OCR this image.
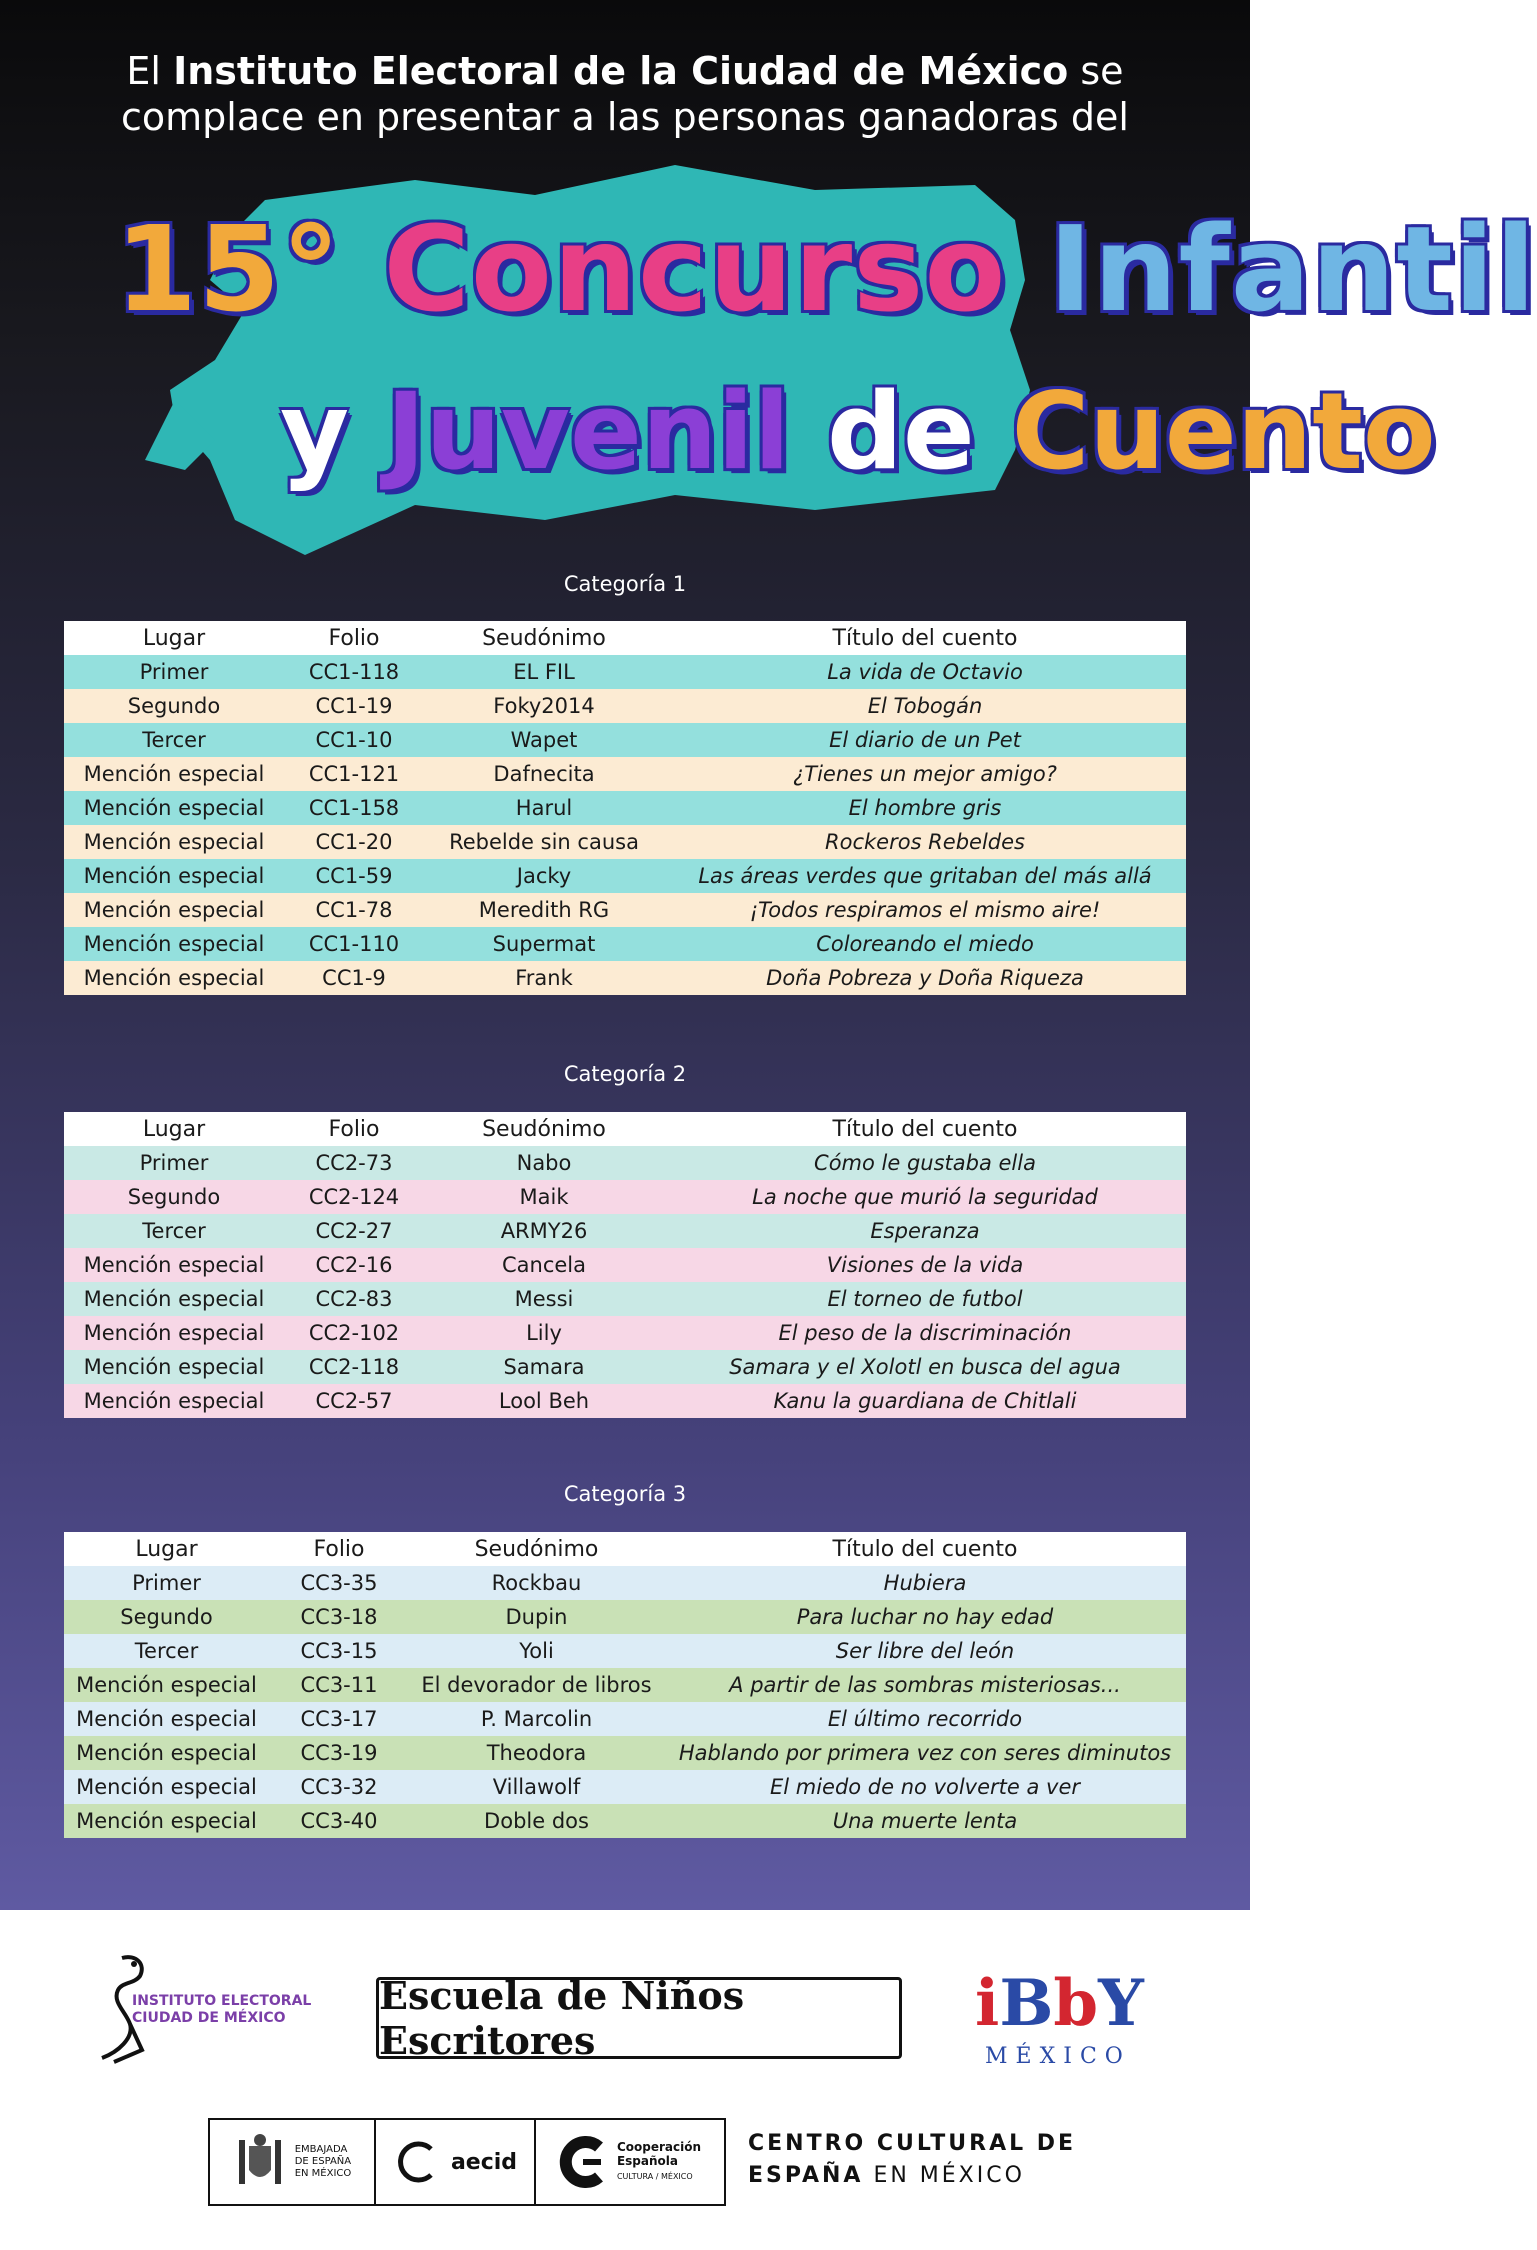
El Instituto Electoral de la Ciudad de México se
complace en presentar a las personas ganadoras del
15° Concurso Infantil
y Juvenil de Cuento
Categoría 1
Lugar	Folio	Seudónimo	Título del cuento
Primer	CC1-118	EL FIL	La vida de Octavio
Segundo	CC1-19	Foky2014	El Tobogán
Tercer	CC1-10	Wapet	El diario de un Pet
Mención especial	CC1-121	Dafnecita	¿Tienes un mejor amigo?
Mención especial	CC1-158	Harul	El hombre gris
Mención especial	CC1-20	Rebelde sin causa	Rockeros Rebeldes
Mención especial	CC1-59	Jacky	Las áreas verdes que gritaban del más allá
Mención especial	CC1-78	Meredith RG	¡Todos respiramos el mismo aire!
Mención especial	CC1-110	Supermat	Coloreando el miedo
Mención especial	CC1-9	Frank	Doña Pobreza y Doña Riqueza
Categoría 2
Lugar	Folio	Seudónimo	Título del cuento
Primer	CC2-73	Nabo	Cómo le gustaba ella
Segundo	CC2-124	Maik	La noche que murió la seguridad
Tercer	CC2-27	ARMY26	Esperanza
Mención especial	CC2-16	Cancela	Visiones de la vida
Mención especial	CC2-83	Messi	El torneo de futbol
Mención especial	CC2-102	Lily	El peso de la discriminación
Mención especial	CC2-118	Samara	Samara y el Xolotl en busca del agua
Mención especial	CC2-57	Lool Beh	Kanu la guardiana de Chitlali
Categoría 3
Lugar	Folio	Seudónimo	Título del cuento
Primer	CC3-35	Rockbau	Hubiera
Segundo	CC3-18	Dupin	Para luchar no hay edad
Tercer	CC3-15	Yoli	Ser libre del león
Mención especial	CC3-11	El devorador de libros	A partir de las sombras misteriosas...
Mención especial	CC3-17	P. Marcolin	El último recorrido
Mención especial	CC3-19	Theodora	Hablando por primera vez con seres diminutos
Mención especial	CC3-32	Villawolf	El miedo de no volverte a ver
Mención especial	CC3-40	Doble dos	Una muerte lenta
INSTITUTO ELECTORAL
CIUDAD DE MÉXICO	Escuela de Niños Escritores	iBbY
MÉXICO
EMBAJADA
DE ESPAÑA
EN MÉXICO	aecid
Cooperación
Española
CULTURA / MÉXICO
CENTRO CULTURAL DE
ESPAÑA EN MÉXICO
